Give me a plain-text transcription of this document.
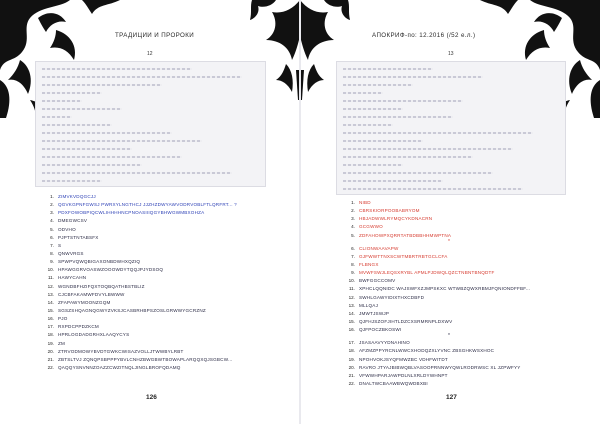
ТРАДИЦИИ И ПРОРОКИ
12
1. ZIMVKVDQGCJJ
2. QGVKGPNFGWSJ PWRXYLNGTHCJ JJZHZDWYAWVODRVOBLFTLQRFRT... ?
3. PDXFOWOBPIQCWLIHHHHNCPNOASIIIQGYBHWGWMBXOHZA
4. DMEGWCSV
5. ODVHO
6. PJPTSTNTABSFX
7. S
8. QNWVRGS
9. SPWPVQWQBIGAXONBDWHXQZIQ
10. HPAWGGRVOASWZOOOWDYTQQJPJYDSOQ
11. HAWYCAHN
12. WGNDBFHZIFQXTOQBQATHBSTBLIZ
13. CJCBFAKAMWFDVYLBWWW
14. ZFAPAWYMOONZGQM
15. SGSZSHQAGNQGWYZVKSJCASBRHBPSZOSLGRWWYGCRZNZ
16. PJO
17. RXPDCPPDZKCM
18. HPRLOGDADGRHXLAAQYCYS
19. ZM
20. ZTRVODMOWYBVDTGWKCWISAZVOLLJTWWBYLRBT
21. ZBTSLTVJ ZQNQPSBPPPYBVLCNHZBWGBWTBOWAPLARQQXQJSGBCW...
22. QAQQYSNVNNZOAZZCWZITNQLJINGLBROFQDAMQ
126
АПОКРИФ-по: 12.2016 (/52 е.л.)
13
1. NIBD
2. CBRSKIORPOOBABRYOM
3. HBJADWWLRYMQCYKDNACRN
4. GCGWWO
5. ZDFAHOWPXQRRTATBDBBHHMWPTNA
*
6. CLIONWAAVAPW
7. GJFWWTTNXSCWTMBRTRBTGCLCFA
8. FLBNGX
9. MVWFSWJLEQSXRYBL APMLPJDWQLQZCTNBNTBNQDTF
10. BWFGGCCOMV
11. XPHCLQQNIDC WAJSWFXZJMPSKXC WTWBZQWXRBMJFQNIONDFFBF...
12. SWHLGAWYIDIXTHXCDBFD
13. MLLQAJ
14. JMWTJSWJP
15. QJFHJSZOFJIHTLDZCXSRMRNPLDXWV
16. QJFPOCZBKOSWI
*
17. JSASAAVYYDNAHINO
18. AFZMZPPYRCNLWWCXHODQZXLYVNC ZBSGHKWSXHOC
19. NPOHVOKJSYQFMWZBC VDHFWITDT
20. RAVRO JTYAJBIBWQBLVASOOPRNNWYQWLRODRWSC XL JZPWFYY
21. VFWWHPARJAWPDLNLXRLDYWHNPT
22. DNALTWCBAAWBWQWDBXBI
127
